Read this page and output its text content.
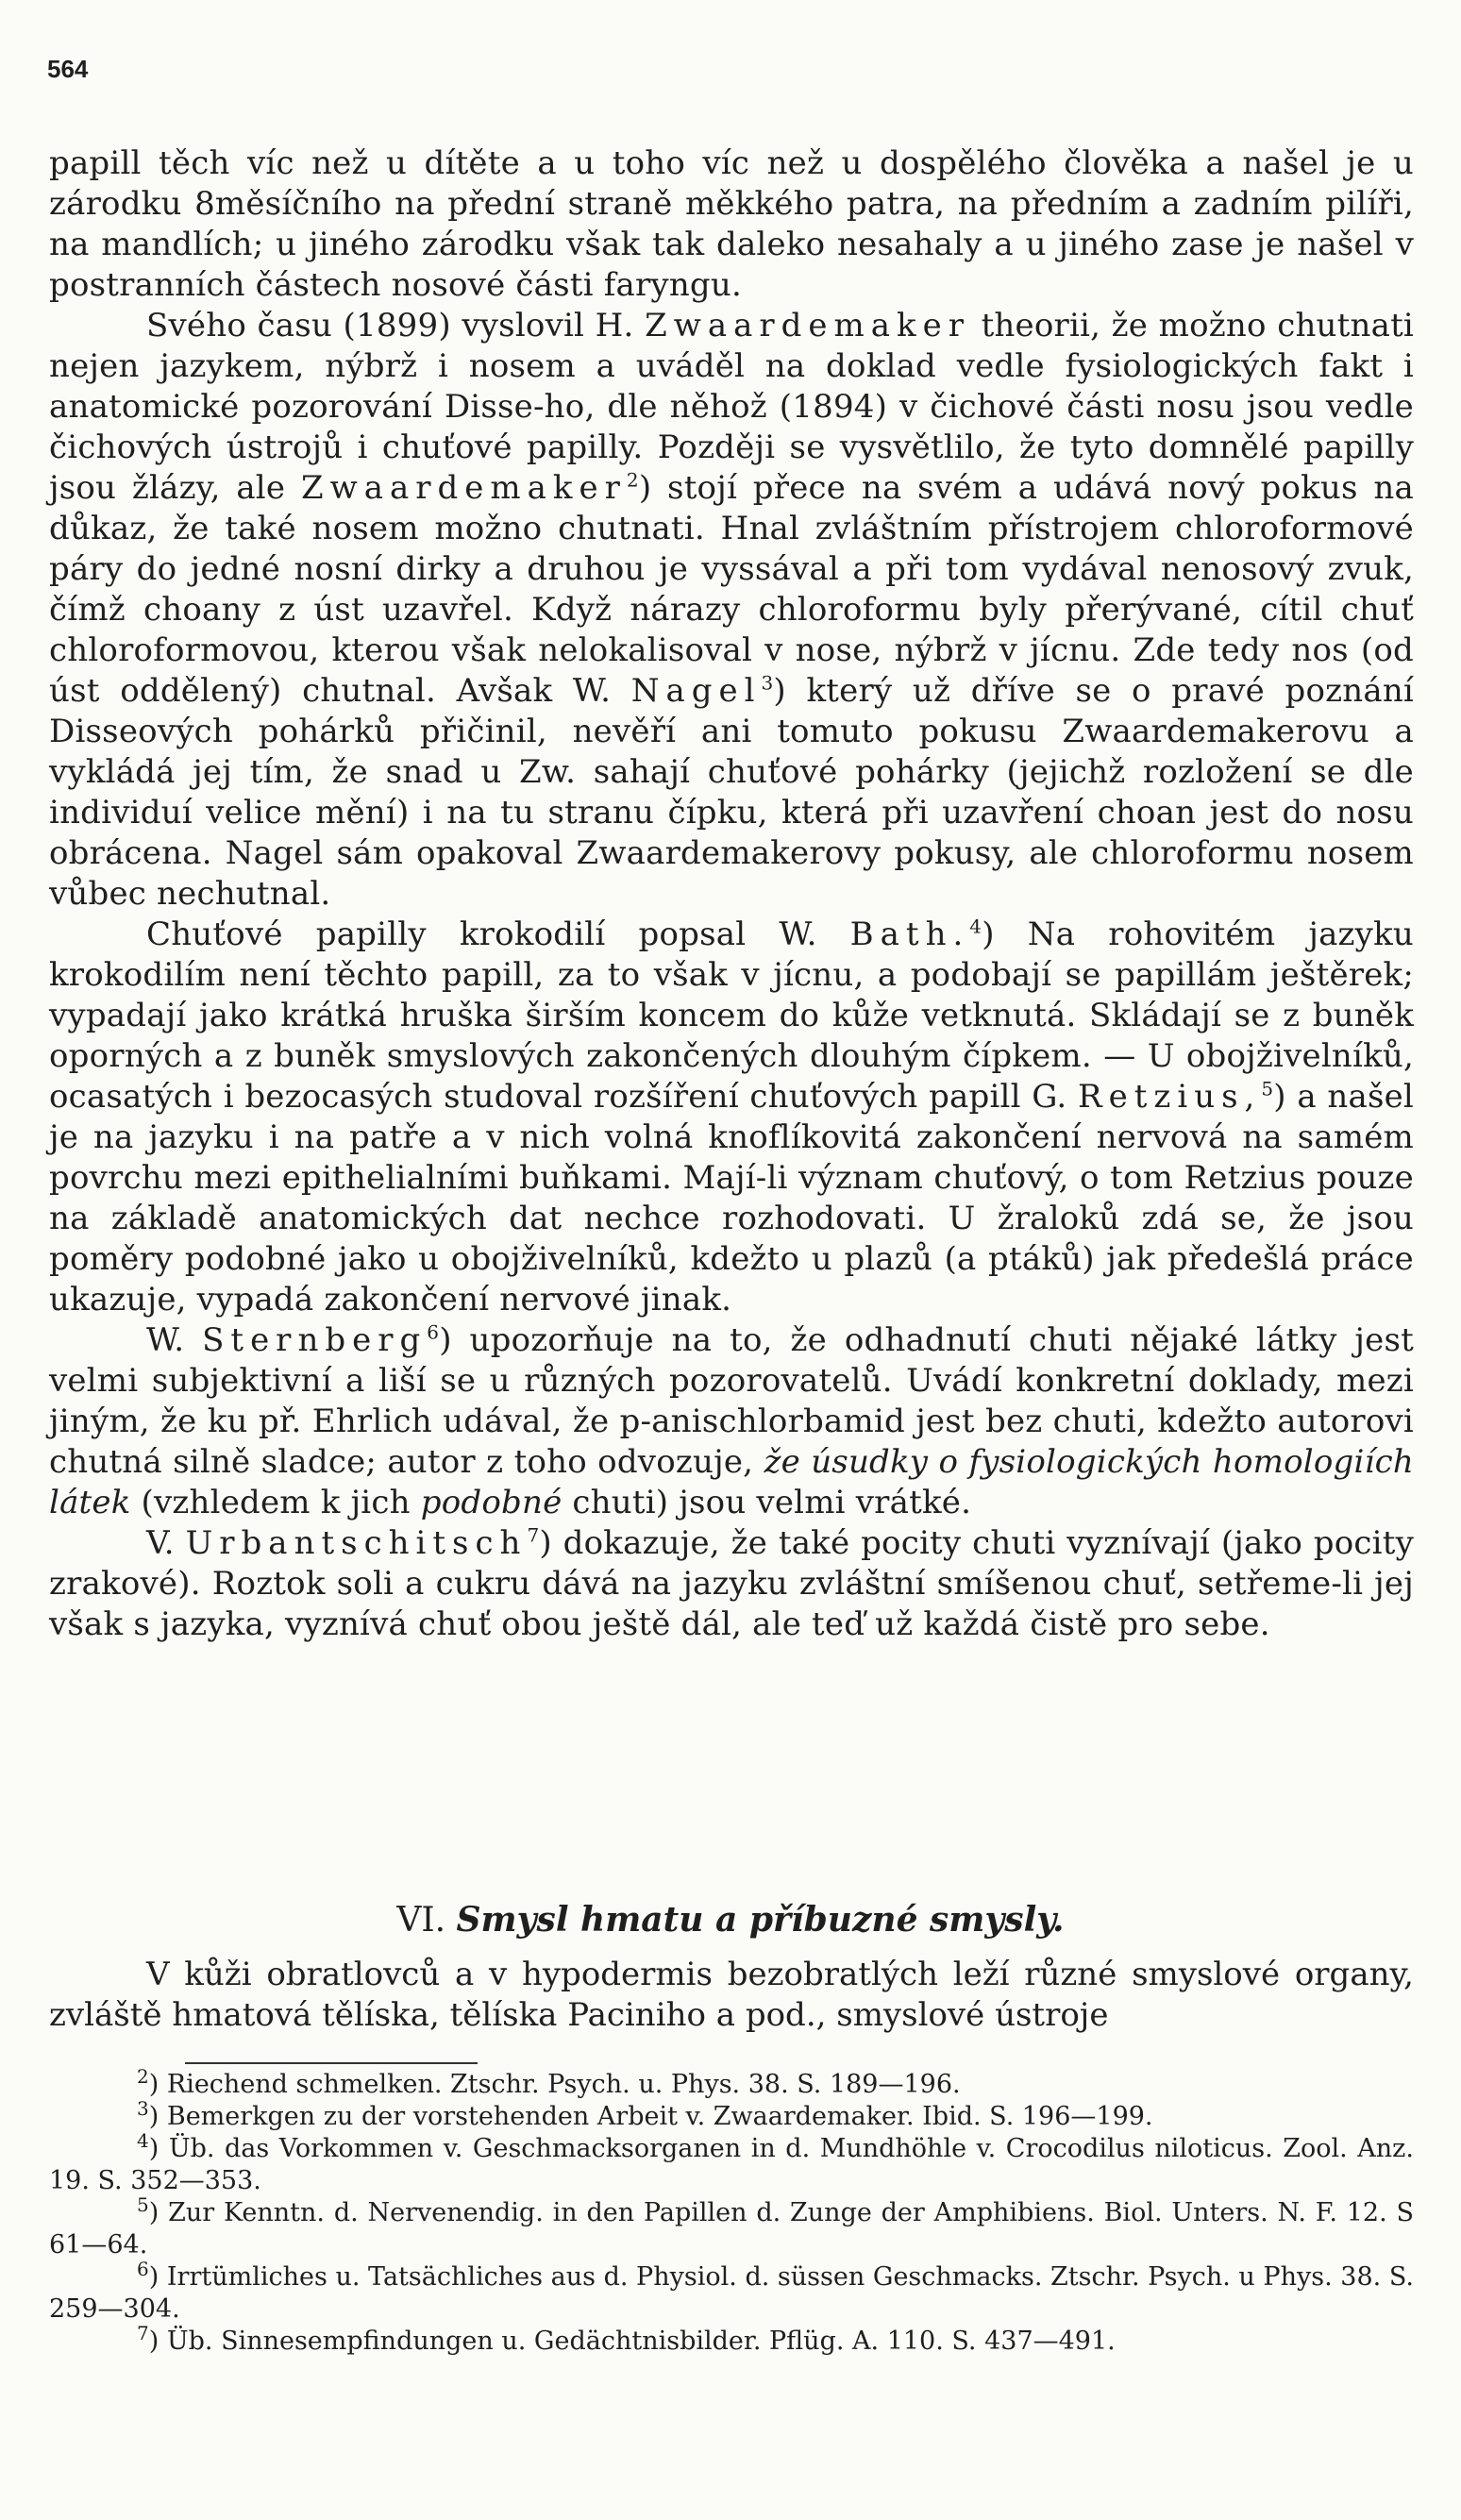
564

papill těch víc než u dítěte a u toho víc než u dospělého člověka a našel je u zárodku 8měsíčního na přední straně měkkého patra, na předním a zadním pilíři, na mandlích; u jiného zárodku však tak daleko nesahaly a u jiného zase je našel v postranních částech nosové části faryngu.

Svého času (1899) vyslovil H. Zwaardemaker theorii, že možno chutnati nejen jazykem, nýbrž i nosem a uváděl na doklad vedle fysiologických fakt i anatomické pozorování Disse-ho, dle něhož (1894) v čichové části nosu jsou vedle čichových ústrojů i chuťové papilly. Později se vysvětlilo, že tyto domnělé papilly jsou žlázy, ale Zwaardemaker$^2$) stojí přece na svém a udává nový pokus na důkaz, že také nosem možno chutnati. Hnal zvláštním přístrojem chloroformové páry do jedné nosní dirky a druhou je vyssával a při tom vydával nenosový zvuk, čímž choany z úst uzavřel. Když nárazy chloroformu byly přerývané, cítil chuť chloroformovou, kterou však nelokalisoval v nose, nýbrž v jícnu. Zde tedy nos (od úst oddělený) chutnal. Avšak W. Nagel$^3$) který už dříve se o pravé poznání Disseových pohárků přičinil, nevěří ani tomuto pokusu Zwaardemakerovu a vykládá jej tím, že snad u Zw. sahají chuťové pohárky (jejichž rozložení se dle individuí velice mění) i na tu stranu čípku, která při uzavření choan jest do nosu obrácena. Nagel sám opakoval Zwaardemakerovy pokusy, ale chloroformu nosem vůbec nechutnal.

Chuťové papilly krokodilí popsal W. Bath.$^4$) Na rohovitém jazyku krokodilím není těchto papill, za to však v jícnu, a podobají se papillám ještěrek; vypadají jako krátká hruška širším koncem do kůže vetknutá. Skládají se z buněk oporných a z buněk smyslových zakončených dlouhým čípkem. — U obojživelníků, ocasatých i bezocasých studoval rozšíření chuťových papill G. Retzius,$^5$) a našel je na jazyku i na patře a v nich volná knoflíkovitá zakončení nervová na samém povrchu mezi epithelialními buňkami. Mají-li význam chuťový, o tom Retzius pouze na základě anatomických dat nechce rozhodovati. U žraloků zdá se, že jsou poměry podobné jako u obojživelníků, kdežto u plazů (a ptáků) jak předešlá práce ukazuje, vypadá zakončení nervové jinak.

W. Sternberg$^6$) upozorňuje na to, že odhadnutí chuti nějaké látky jest velmi subjektivní a liší se u různých pozorovatelů. Uvádí konkretní doklady, mezi jiným, že ku př. Ehrlich udával, že p-anischlorbamid jest bez chuti, kdežto autorovi chutná silně sladce; autor z toho odvozuje, že úsudky o fysiologických homologiích látek (vzhledem k jich podobné chuti) jsou velmi vrátké.

V. Urbantschitsch$^7$) dokazuje, že také pocity chuti vyznívají (jako pocity zrakové). Roztok soli a cukru dává na jazyku zvláštní smíšenou chuť, setřeme-li jej však s jazyka, vyznívá chuť obou ještě dál, ale teď už každá čistě pro sebe.

VI. Smysl hmatu a příbuzné smysly.

V kůži obratlovců a v hypodermis bezobratlých leží různé smyslové organy, zvláště hmatová tělíska, tělíska Paciniho a pod., smyslové ústroje

$^2$) Riechend schmelken. Ztschr. Psych. u. Phys. 38. S. 189—196.

$^3$) Bemerkgen zu der vorstehenden Arbeit v. Zwaardemaker. Ibid. S. 196—199.

$^4$) Üb. das Vorkommen v. Geschmacksorganen in d. Mundhöhle v. Crocodilus niloticus. Zool. Anz. 19. S. 352—353.

$^5$) Zur Kenntn. d. Nervenendig. in den Papillen d. Zunge der Amphibiens. Biol. Unters. N. F. 12. S 61—64.

$^6$) Irrtümliches u. Tatsächliches aus d. Physiol. d. süssen Geschmacks. Ztschr. Psych. u Phys. 38. S. 259—304.

$^7$) Üb. Sinnesempfindungen u. Gedächtnisbilder. Pflüg. A. 110. S. 437—491.
